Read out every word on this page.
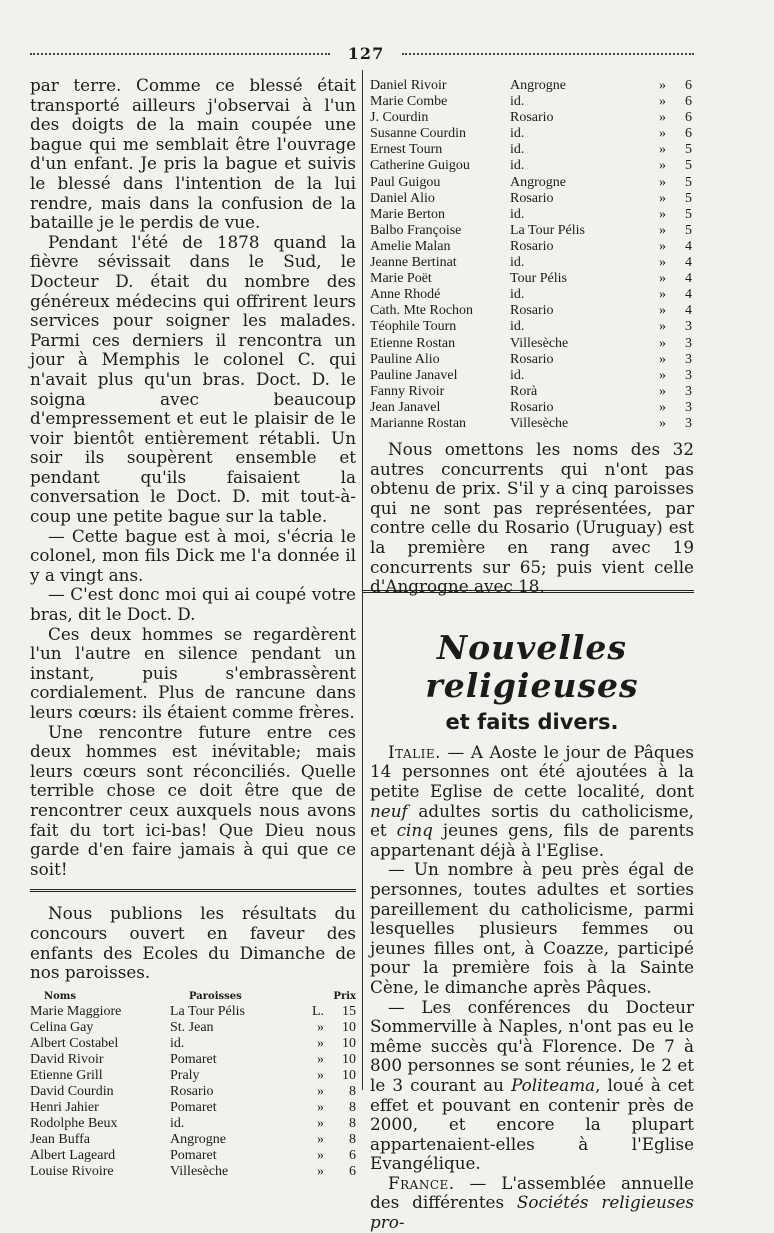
127

par terre. Comme ce blessé était transporté ailleurs j'observai à l'un des doigts de la main coupée une bague qui me semblait être l'ouvrage d'un enfant. Je pris la bague et suivis le blessé dans l'intention de la lui rendre, mais dans la confusion de la bataille je le perdis de vue.

Pendant l'été de 1878 quand la fièvre sévissait dans le Sud, le Docteur D. était du nombre des généreux médecins qui offrirent leurs services pour soigner les malades. Parmi ces derniers il rencontra un jour à Memphis le colonel C. qui n'avait plus qu'un bras. Doct. D. le soigna avec beaucoup d'empressement et eut le plaisir de le voir bientôt entièrement rétabli. Un soir ils soupèrent ensemble et pendant qu'ils faisaient la conversation le Doct. D. mit tout-à-coup une petite bague sur la table.

— Cette bague est à moi, s'écria le colonel, mon fils Dick me l'a donnée il y a vingt ans.

— C'est donc moi qui ai coupé votre bras, dit le Doct. D.

Ces deux hommes se regardèrent l'un l'autre en silence pendant un instant, puis s'embrassèrent cordialement. Plus de rancune dans leurs cœurs: ils étaient comme frères.

Une rencontre future entre ces deux hommes est inévitable; mais leurs cœurs sont réconciliés. Quelle terrible chose ce doit être que de rencontrer ceux auxquels nous avons fait du tort ici-bas! Que Dieu nous garde d'en faire jamais à qui que ce soit!

Nous publions les résultats du concours ouvert en faveur des enfants des Ecoles du Dimanche de nos paroisses.

Noms	Paroisses	Prix
Marie Maggiore	La Tour Pélis	L.	15
Celina Gay	St. Jean	»	10
Albert Costabel	id.	»	10
David Rivoir	Pomaret	»	10
Etienne Grill	Praly	»	10
David Courdin	Rosario	»	8
Henri Jahier	Pomaret	»	8
Rodolphe Beux	id.	»	8
Jean Buffa	Angrogne	»	8
Albert Lageard	Pomaret	»	6
Louise Rivoire	Villesèche	»	6
Daniel Rivoir	Angrogne	»	6
Marie Combe	id.	»	6
J. Courdin	Rosario	»	6
Susanne Courdin	id.	»	6
Ernest Tourn	id.	»	5
Catherine Guigou	id.	»	5
Paul Guigou	Angrogne	»	5
Daniel Alio	Rosario	»	5
Marie Berton	id.	»	5
Balbo Françoise	La Tour Pélis	»	5
Amelie Malan	Rosario	»	4
Jeanne Bertinat	id.	»	4
Marie Poët	Tour Pélis	»	4
Anne Rhodé	id.	»	4
Cath. Mte Rochon	Rosario	»	4
Téophile Tourn	id.	»	3
Etienne Rostan	Villesèche	»	3
Pauline Alio	Rosario	»	3
Pauline Janavel	id.	»	3
Fanny Rivoir	Rorà	»	3
Jean Janavel	Rosario	»	3
Marianne Rostan	Villesèche	»	3

Nous omettons les noms des 32 autres concurrents qui n'ont pas obtenu de prix. S'il y a cinq paroisses qui ne sont pas représentées, par contre celle du Rosario (Uruguay) est la première en rang avec 19 concurrents sur 65; puis vient celle d'Angrogne avec 18.

Nouvelles religieuses
et faits divers.

Italie. — A Aoste le jour de Pâques 14 personnes ont été ajoutées à la petite Eglise de cette localité, dont neuf adultes sortis du catholicisme, et cinq jeunes gens, fils de parents appartenant déjà à l'Eglise.

— Un nombre à peu près égal de personnes, toutes adultes et sorties pareillement du catholicisme, parmi lesquelles plusieurs femmes ou jeunes filles ont, à Coazze, participé pour la première fois à la Sainte Cène, le dimanche après Pâques.

— Les conférences du Docteur Sommerville à Naples, n'ont pas eu le même succès qu'à Florence. De 7 à 800 personnes se sont réunies, le 2 et le 3 courant au Politeama, loué à cet effet et pouvant en contenir près de 2000, et encore la plupart appartenaient-elles à l'Eglise Evangélique.

France. — L'assemblée annuelle des différentes Sociétés religieuses pro-
